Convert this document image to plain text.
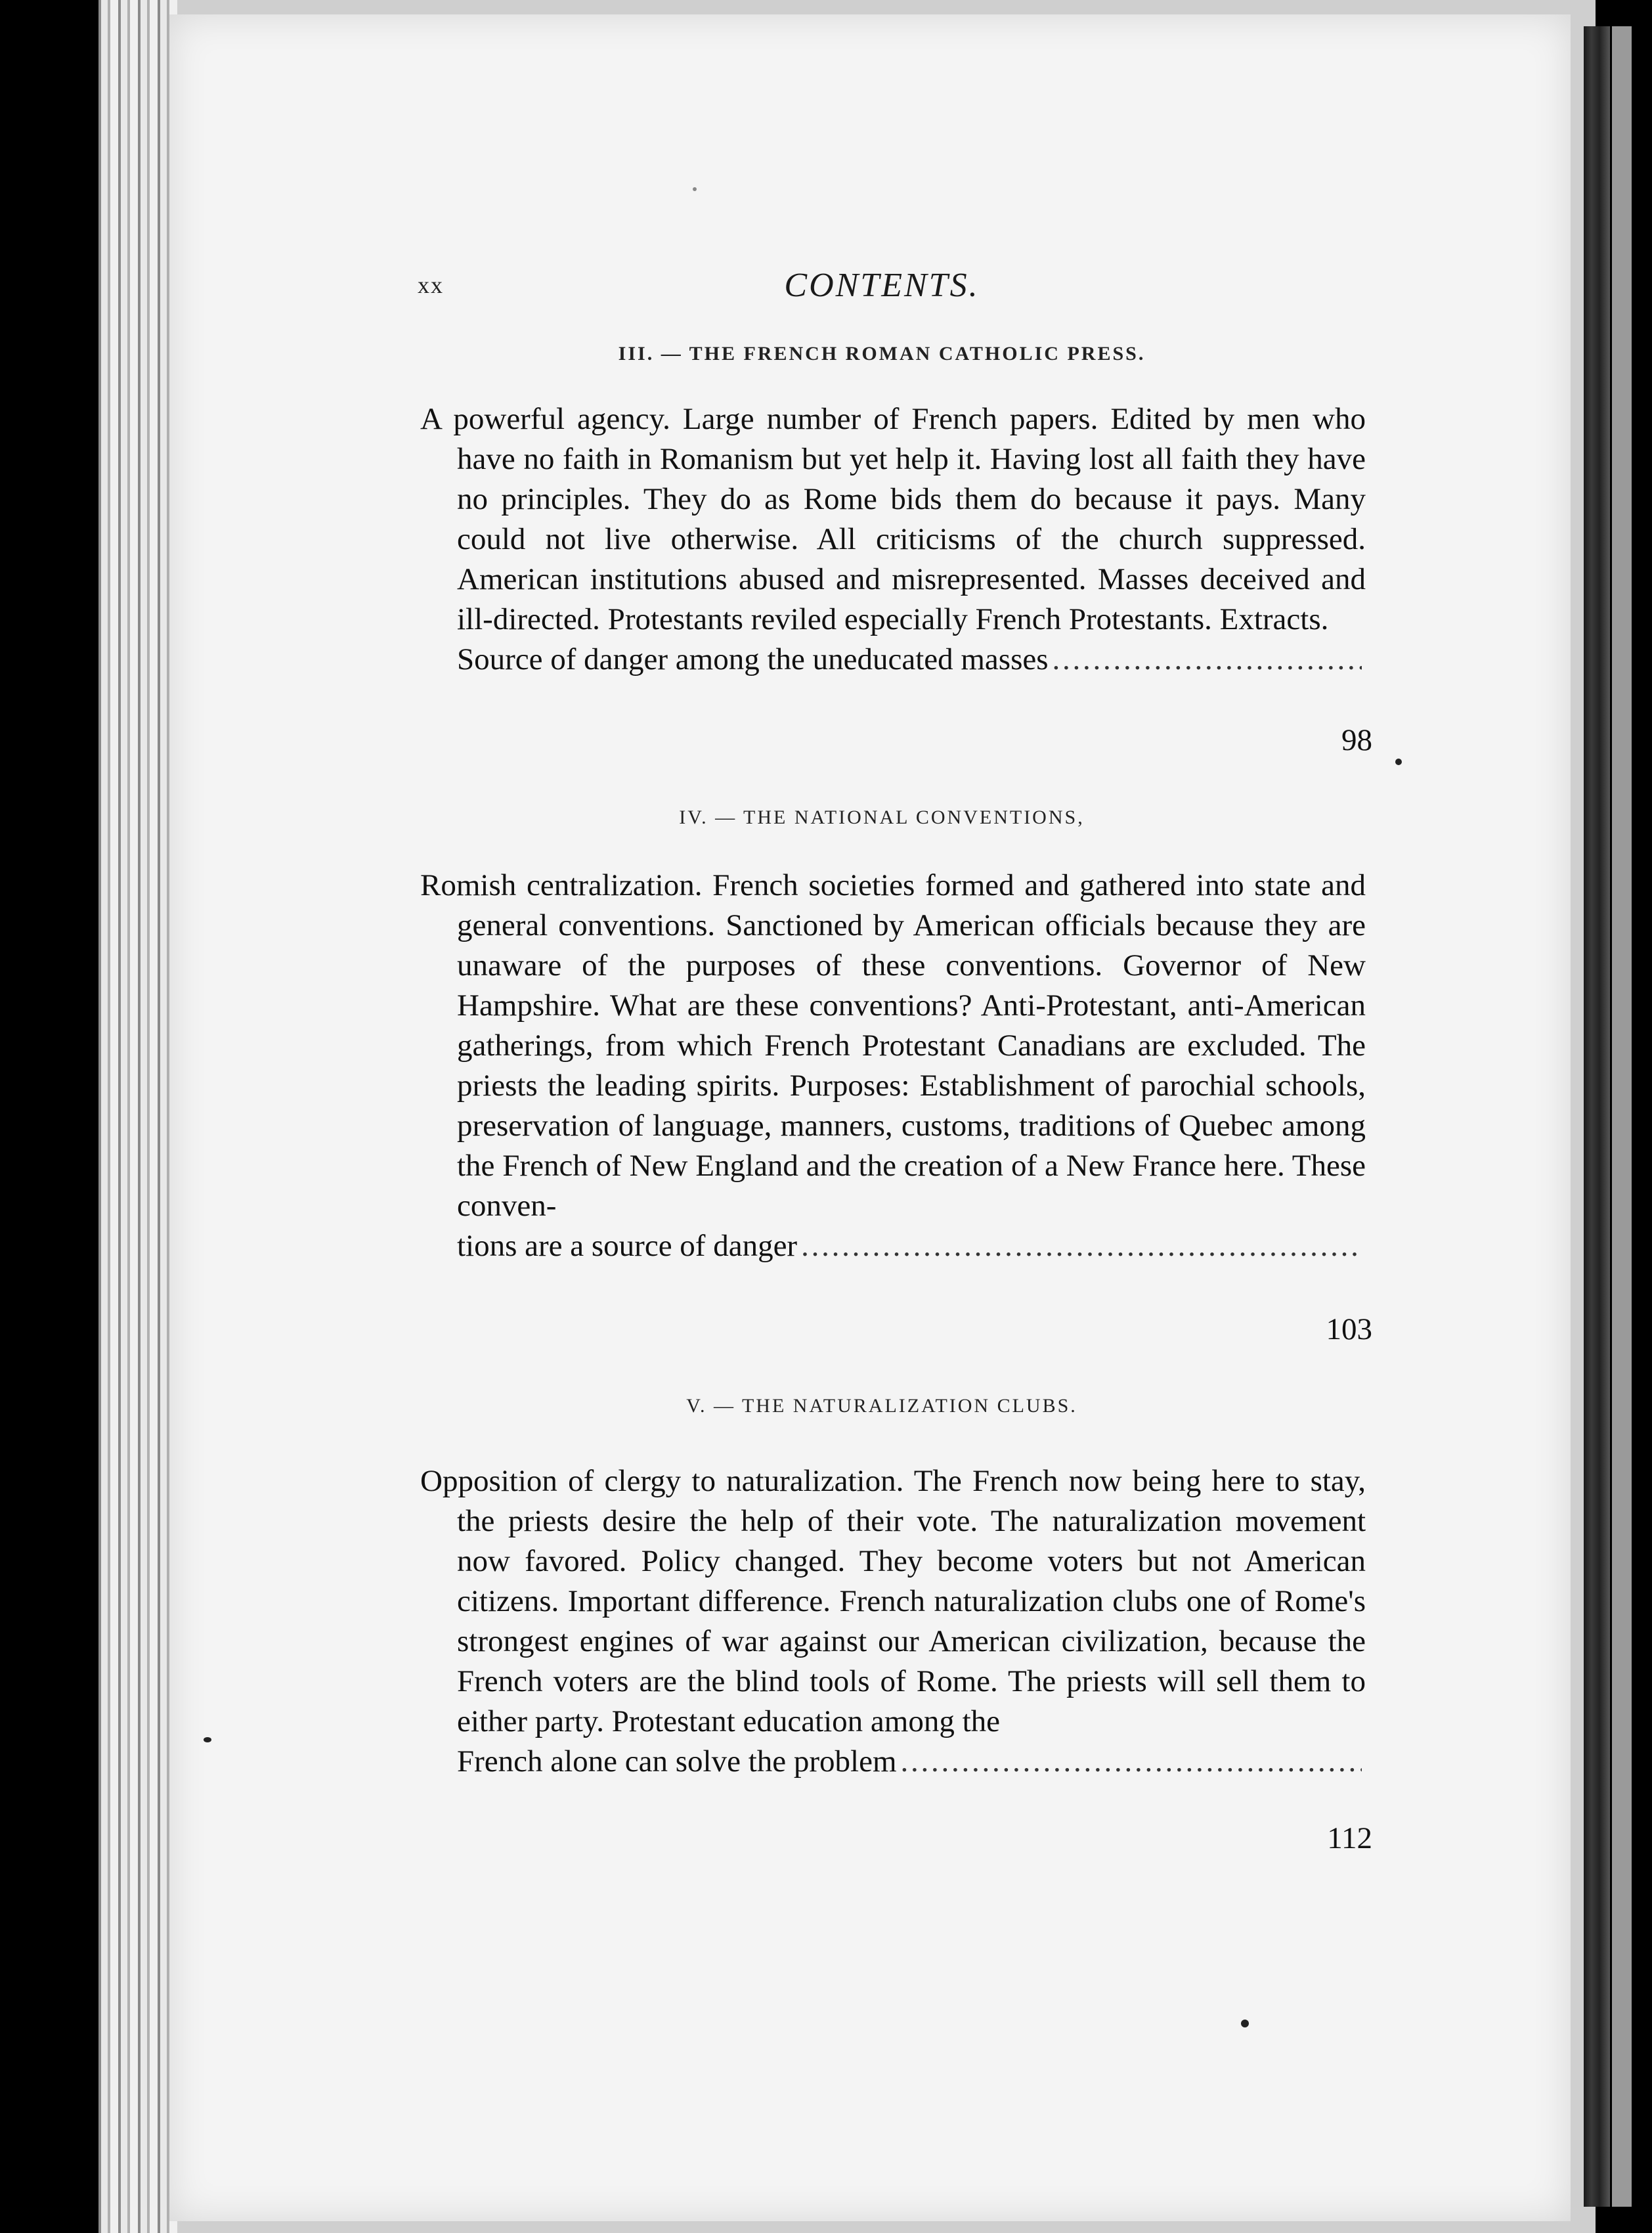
xx	CONTENTS.
III. — THE FRENCH ROMAN CATHOLIC PRESS.

A powerful agency. Large number of French papers. Edited by men who have no faith in Romanism but yet help it. Having lost all faith they have no principles. They do as Rome bids them do because it pays. Many could not live otherwise. All criticisms of the church suppressed. American institutions abused and misrepresented. Masses deceived and ill-directed. Protestants reviled especially French Protestants. Extracts.

Source of danger among the uneducated masses
. . .
98
IV. — THE NATIONAL CONVENTIONS,

Romish centralization. French societies formed and gathered into state and general conventions. Sanctioned by American officials because they are unaware of the purposes of these conventions. Governor of New Hampshire. What are these conventions? Anti-Protestant, anti-American gatherings, from which French Protestant Canadians are excluded. The priests the leading spirits. Purposes: Establishment of parochial schools, preservation of language, manners, customs, traditions of Quebec among the French of New England and the creation of a New France here. These conven-

tions are a source of danger
. . .
103
V. — THE NATURALIZATION CLUBS.

Opposition of clergy to naturalization. The French now being here to stay, the priests desire the help of their vote. The naturalization movement now favored. Policy changed. They become voters but not American citizens. Important difference. French naturalization clubs one of Rome's strongest engines of war against our American civilization, because the French voters are the blind tools of Rome. The priests will sell them to either party. Protestant education among the

French alone can solve the problem
. . .
112
